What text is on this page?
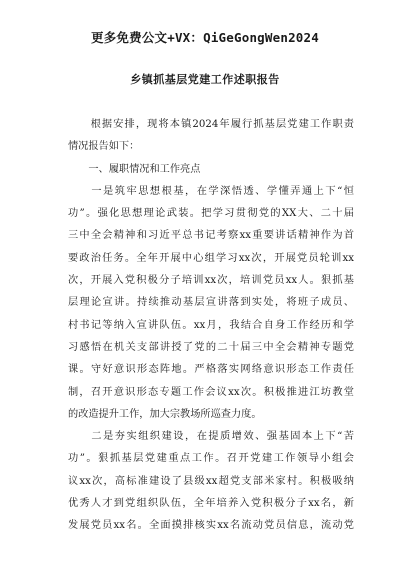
更多免费公文+VX：QiGeGongWen2024
乡镇抓基层党建工作述职报告
　　根据安排，现将本镇2024年履行抓基层党建工作职责
情况报告如下：
　　一、履职情况和工作亮点
　　一是筑牢思想根基，在学深悟透、学懂弄通上下“恒
功”。强化思想理论武装。把学习贯彻党的XX大、二十届
三中全会精神和习近平总书记考察xx重要讲话精神作为首
要政治任务。全年开展中心组学习xx次，开展党员轮训xx
次，开展入党积极分子培训xx次，培训党员xx人。狠抓基
层理论宣讲。持续推动基层宣讲落到实处，将班子成员、
村书记等纳入宣讲队伍。xx月，我结合自身工作经历和学
习感悟在机关支部讲授了党的二十届三中全会精神专题党
课。守好意识形态阵地。严格落实网络意识形态工作责任
制，召开意识形态专题工作会议xx次。积极推进江坊教堂
的改造提升工作，加大宗教场所巡查力度。
　　二是夯实组织建设，在提质增效、强基固本上下“苦
功”。狠抓基层党建重点工作。召开党建工作领导小组会
议xx次，高标准建设了县级xx超党支部米家村。积极吸纳
优秀人才到党组织队伍，全年培养入党积极分子xx名，新
发展党员xx名。全面摸排核实xx名流动党员信息，流动党
